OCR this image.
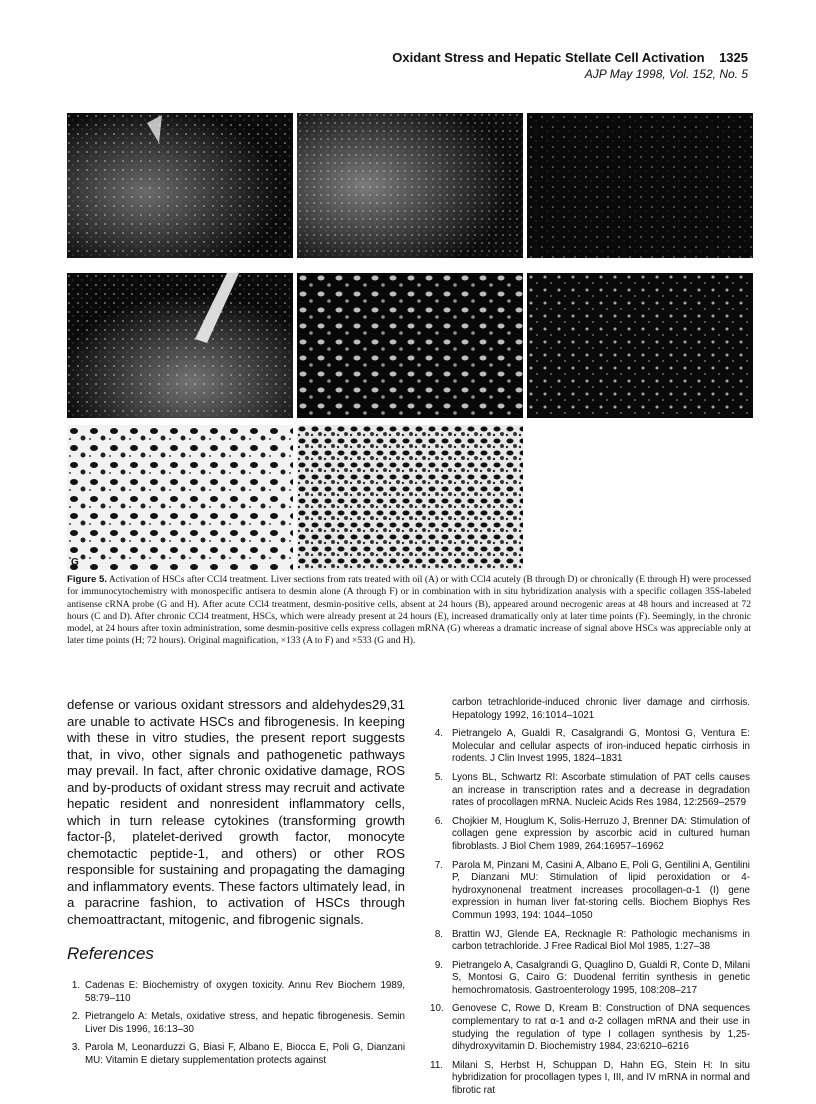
Oxidant Stress and Hepatic Stellate Cell Activation 1325
AJP May 1998, Vol. 152, No. 5
G
Figure 5. Activation of HSCs after CCl4 treatment. Liver sections from rats treated with oil (A) or with CCl4 acutely (B through D) or chronically (E through H) were processed for immunocytochemistry with monospecific antisera to desmin alone (A through F) or in combination with in situ hybridization analysis with a specific collagen 35S-labeled antisense cRNA probe (G and H). After acute CCl4 treatment, desmin-positive cells, absent at 24 hours (B), appeared around necrogenic areas at 48 hours and increased at 72 hours (C and D). After chronic CCl4 treatment, HSCs, which were already present at 24 hours (E), increased dramatically only at later time points (F). Seemingly, in the chronic model, at 24 hours after toxin administration, some desmin-positive cells express collagen mRNA (G) whereas a dramatic increase of signal above HSCs was appreciable only at later time points (H; 72 hours). Original magnification, ×133 (A to F) and ×533 (G and H).
defense or various oxidant stressors and aldehydes29,31 are unable to activate HSCs and fibrogenesis. In keeping with these in vitro studies, the present report suggests that, in vivo, other signals and pathogenetic pathways may prevail. In fact, after chronic oxidative damage, ROS and by-products of oxidant stress may recruit and activate hepatic resident and nonresident inflammatory cells, which in turn release cytokines (transforming growth factor-β, platelet-derived growth factor, monocyte chemotactic peptide-1, and others) or other ROS responsible for sustaining and propagating the damaging and inflammatory events. These factors ultimately lead, in a paracrine fashion, to activation of HSCs through chemoattractant, mitogenic, and fibrogenic signals.
References
1. Cadenas E: Biochemistry of oxygen toxicity. Annu Rev Biochem 1989, 58:79–110
2. Pietrangelo A: Metals, oxidative stress, and hepatic fibrogenesis. Semin Liver Dis 1996, 16:13–30
3. Parola M, Leonarduzzi G, Biasi F, Albano E, Biocca E, Poli G, Dianzani MU: Vitamin E dietary supplementation protects against
carbon tetrachloride-induced chronic liver damage and cirrhosis. Hepatology 1992, 16:1014–1021
4. Pietrangelo A, Gualdi R, Casalgrandi G, Montosi G, Ventura E: Molecular and cellular aspects of iron-induced hepatic cirrhosis in rodents. J Clin Invest 1995, 1824–1831
5. Lyons BL, Schwartz RI: Ascorbate stimulation of PAT cells causes an increase in transcription rates and a decrease in degradation rates of procollagen mRNA. Nucleic Acids Res 1984, 12:2569–2579
6. Chojkier M, Houglum K, Solis-Herruzo J, Brenner DA: Stimulation of collagen gene expression by ascorbic acid in cultured human fibroblasts. J Biol Chem 1989, 264:16957–16962
7. Parola M, Pinzani M, Casini A, Albano E, Poli G, Gentilini A, Gentilini P, Dianzani MU: Stimulation of lipid peroxidation or 4-hydroxynonenal treatment increases procollagen-α-1 (I) gene expression in human liver fat-storing cells. Biochem Biophys Res Commun 1993, 194: 1044–1050
8. Brattin WJ, Glende EA, Recknagle R: Pathologic mechanisms in carbon tetrachloride. J Free Radical Biol Mol 1985, 1:27–38
9. Pietrangelo A, Casalgrandi G, Quaglino D, Gualdi R, Conte D, Milani S, Montosi G, Cairo G: Duodenal ferritin synthesis in genetic hemochromatosis. Gastroenterology 1995, 108:208–217
10. Genovese C, Rowe D, Kream B: Construction of DNA sequences complementary to rat α-1 and α-2 collagen mRNA and their use in studying the regulation of type I collagen synthesis by 1,25-dihydroxyvitamin D. Biochemistry 1984, 23:6210–6216
11. Milani S, Herbst H, Schuppan D, Hahn EG, Stein H: In situ hybridization for procollagen types I, III, and IV mRNA in normal and fibrotic rat
